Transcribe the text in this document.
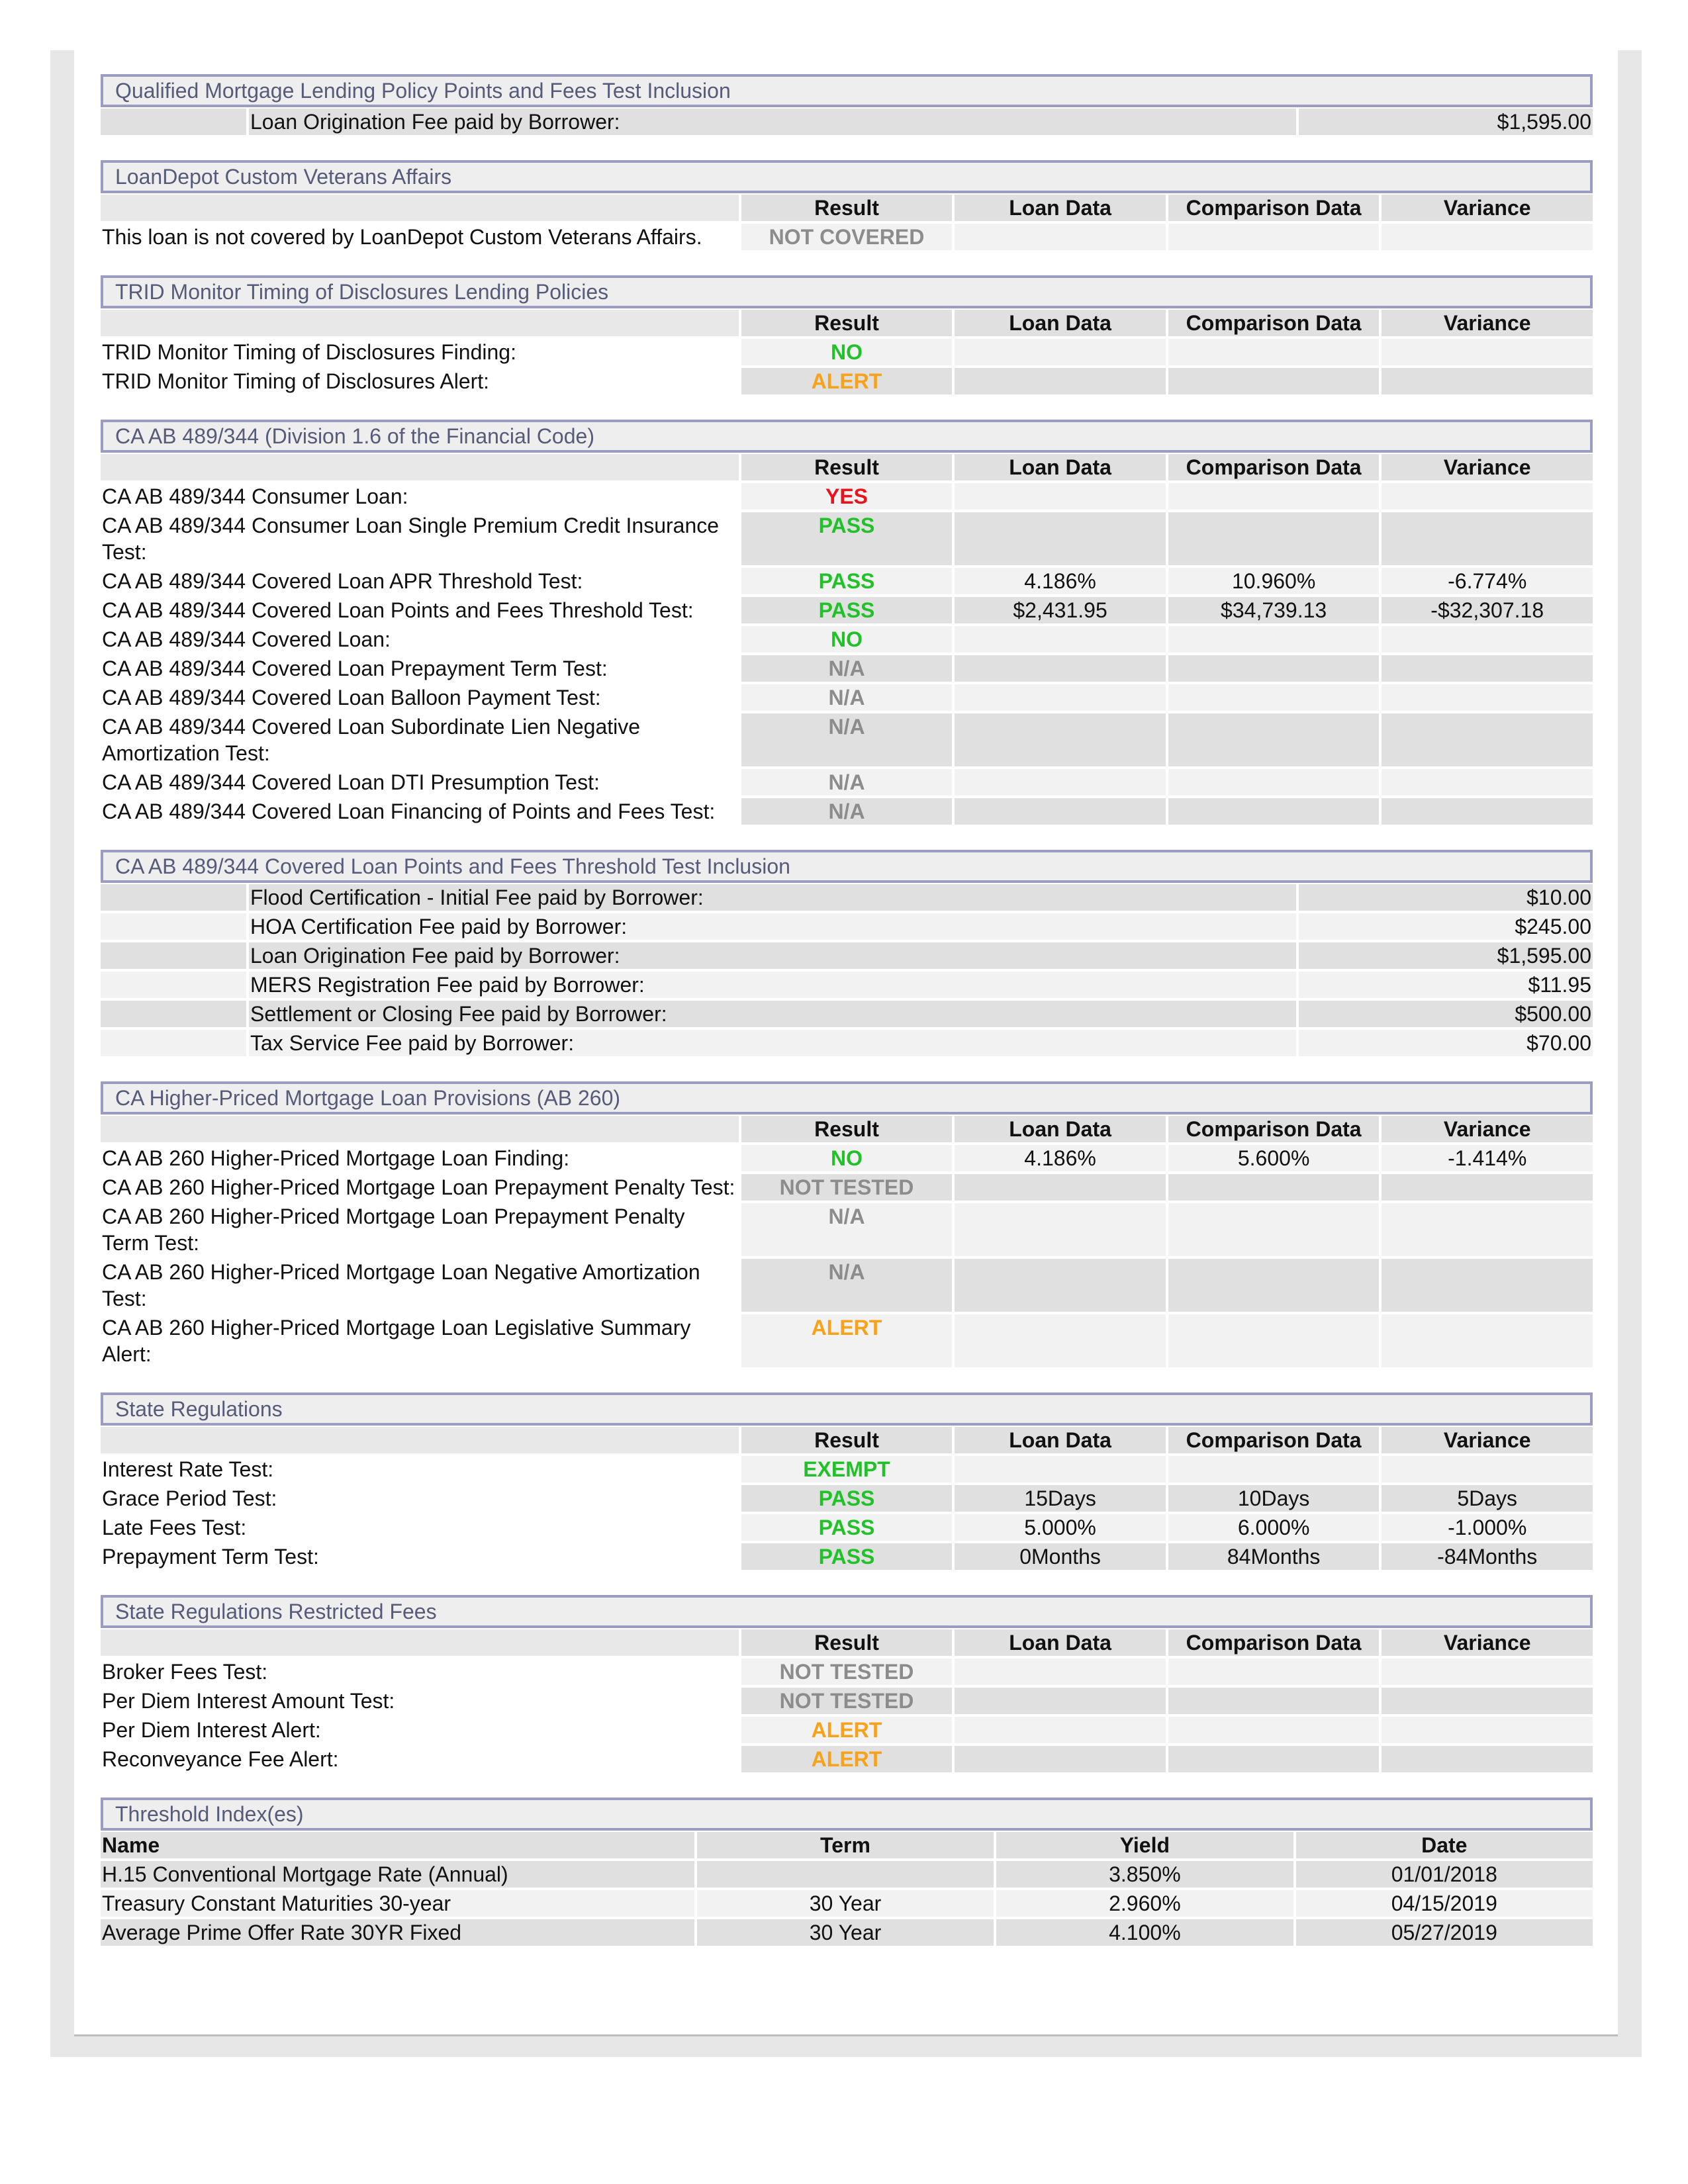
Qualified Mortgage Lending Policy Points and Fees Test Inclusion
	Loan Origination Fee paid by Borrower:	$1,595.00
LoanDepot Custom Veterans Affairs
	Result	Loan Data	Comparison Data	Variance
This loan is not covered by LoanDepot Custom Veterans Affairs.	NOT COVERED			
TRID Monitor Timing of Disclosures Lending Policies
	Result	Loan Data	Comparison Data	Variance
TRID Monitor Timing of Disclosures Finding:	NO			
TRID Monitor Timing of Disclosures Alert:	ALERT			
CA AB 489/344 (Division 1.6 of the Financial Code)
	Result	Loan Data	Comparison Data	Variance
CA AB 489/344 Consumer Loan:	YES			
CA AB 489/344 Consumer Loan Single Premium Credit Insurance Test:	PASS			
CA AB 489/344 Covered Loan APR Threshold Test:	PASS	4.186%	10.960%	-6.774%
CA AB 489/344 Covered Loan Points and Fees Threshold Test:	PASS	$2,431.95	$34,739.13	-$32,307.18
CA AB 489/344 Covered Loan:	NO			
CA AB 489/344 Covered Loan Prepayment Term Test:	N/A			
CA AB 489/344 Covered Loan Balloon Payment Test:	N/A			
CA AB 489/344 Covered Loan Subordinate Lien Negative Amortization Test:	N/A			
CA AB 489/344 Covered Loan DTI Presumption Test:	N/A			
CA AB 489/344 Covered Loan Financing of Points and Fees Test:	N/A			
CA AB 489/344 Covered Loan Points and Fees Threshold Test Inclusion
	Flood Certification - Initial Fee paid by Borrower:	$10.00
	HOA Certification Fee paid by Borrower:	$245.00
	Loan Origination Fee paid by Borrower:	$1,595.00
	MERS Registration Fee paid by Borrower:	$11.95
	Settlement or Closing Fee paid by Borrower:	$500.00
	Tax Service Fee paid by Borrower:	$70.00
CA Higher-Priced Mortgage Loan Provisions (AB 260)
	Result	Loan Data	Comparison Data	Variance
CA AB 260 Higher-Priced Mortgage Loan Finding:	NO	4.186%	5.600%	-1.414%
CA AB 260 Higher-Priced Mortgage Loan Prepayment Penalty Test:	NOT TESTED			
CA AB 260 Higher-Priced Mortgage Loan Prepayment Penalty Term Test:	N/A			
CA AB 260 Higher-Priced Mortgage Loan Negative Amortization Test:	N/A			
CA AB 260 Higher-Priced Mortgage Loan Legislative Summary Alert:	ALERT			
State Regulations
	Result	Loan Data	Comparison Data	Variance
Interest Rate Test:	EXEMPT			
Grace Period Test:	PASS	15Days	10Days	5Days
Late Fees Test:	PASS	5.000%	6.000%	-1.000%
Prepayment Term Test:	PASS	0Months	84Months	-84Months
State Regulations Restricted Fees
	Result	Loan Data	Comparison Data	Variance
Broker Fees Test:	NOT TESTED			
Per Diem Interest Amount Test:	NOT TESTED			
Per Diem Interest Alert:	ALERT			
Reconveyance Fee Alert:	ALERT			
Threshold Index(es)
Name	Term	Yield	Date
H.15 Conventional Mortgage Rate (Annual)		3.850%	01/01/2018
Treasury Constant Maturities 30-year	30 Year	2.960%	04/15/2019
Average Prime Offer Rate 30YR Fixed	30 Year	4.100%	05/27/2019
